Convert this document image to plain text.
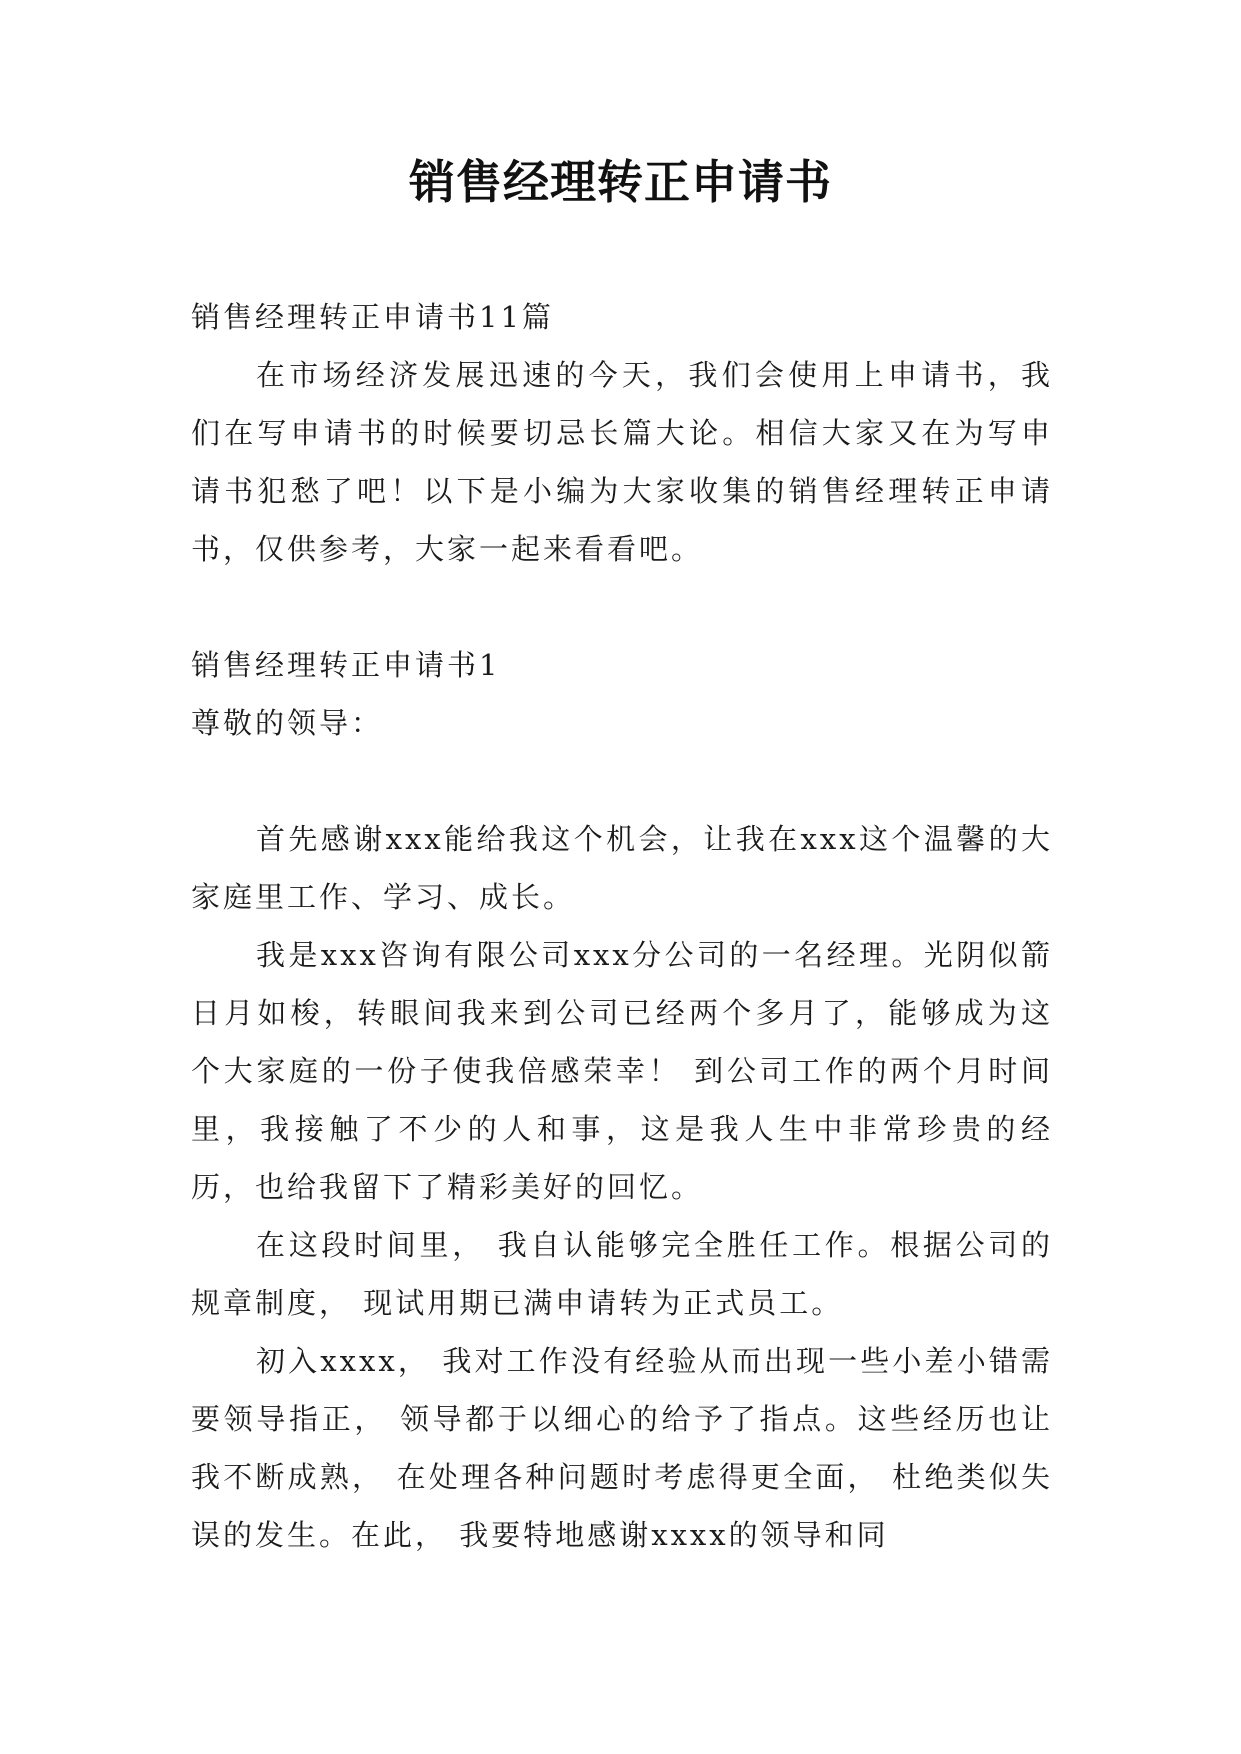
销售经理转正申请书

销售经理转正申请书11篇

在市场经济发展迅速的今天，我们会使用上申请书，我们在写申请书的时候要切忌长篇大论。相信大家又在为写申请书犯愁了吧！以下是小编为大家收集的销售经理转正申请书，仅供参考，大家一起来看看吧。

销售经理转正申请书1

尊敬的领导：

首先感谢xxx能给我这个机会，让我在xxx这个温馨的大家庭里工作、学习、成长。

我是xxx咨询有限公司xxx分公司的一名经理。光阴似箭日月如梭，转眼间我来到公司已经两个多月了，能够成为这个大家庭的一份子使我倍感荣幸！ 到公司工作的两个月时间里，我接触了不少的人和事，这是我人生中非常珍贵的经历，也给我留下了精彩美好的回忆。

在这段时间里， 我自认能够完全胜任工作。根据公司的规章制度， 现试用期已满申请转为正式员工。

初入xxxx， 我对工作没有经验从而出现一些小差小错需要领导指正， 领导都于以细心的给予了指点。这些经历也让我不断成熟， 在处理各种问题时考虑得更全面， 杜绝类似失误的发生。在此， 我要特地感谢xxxx的领导和同
